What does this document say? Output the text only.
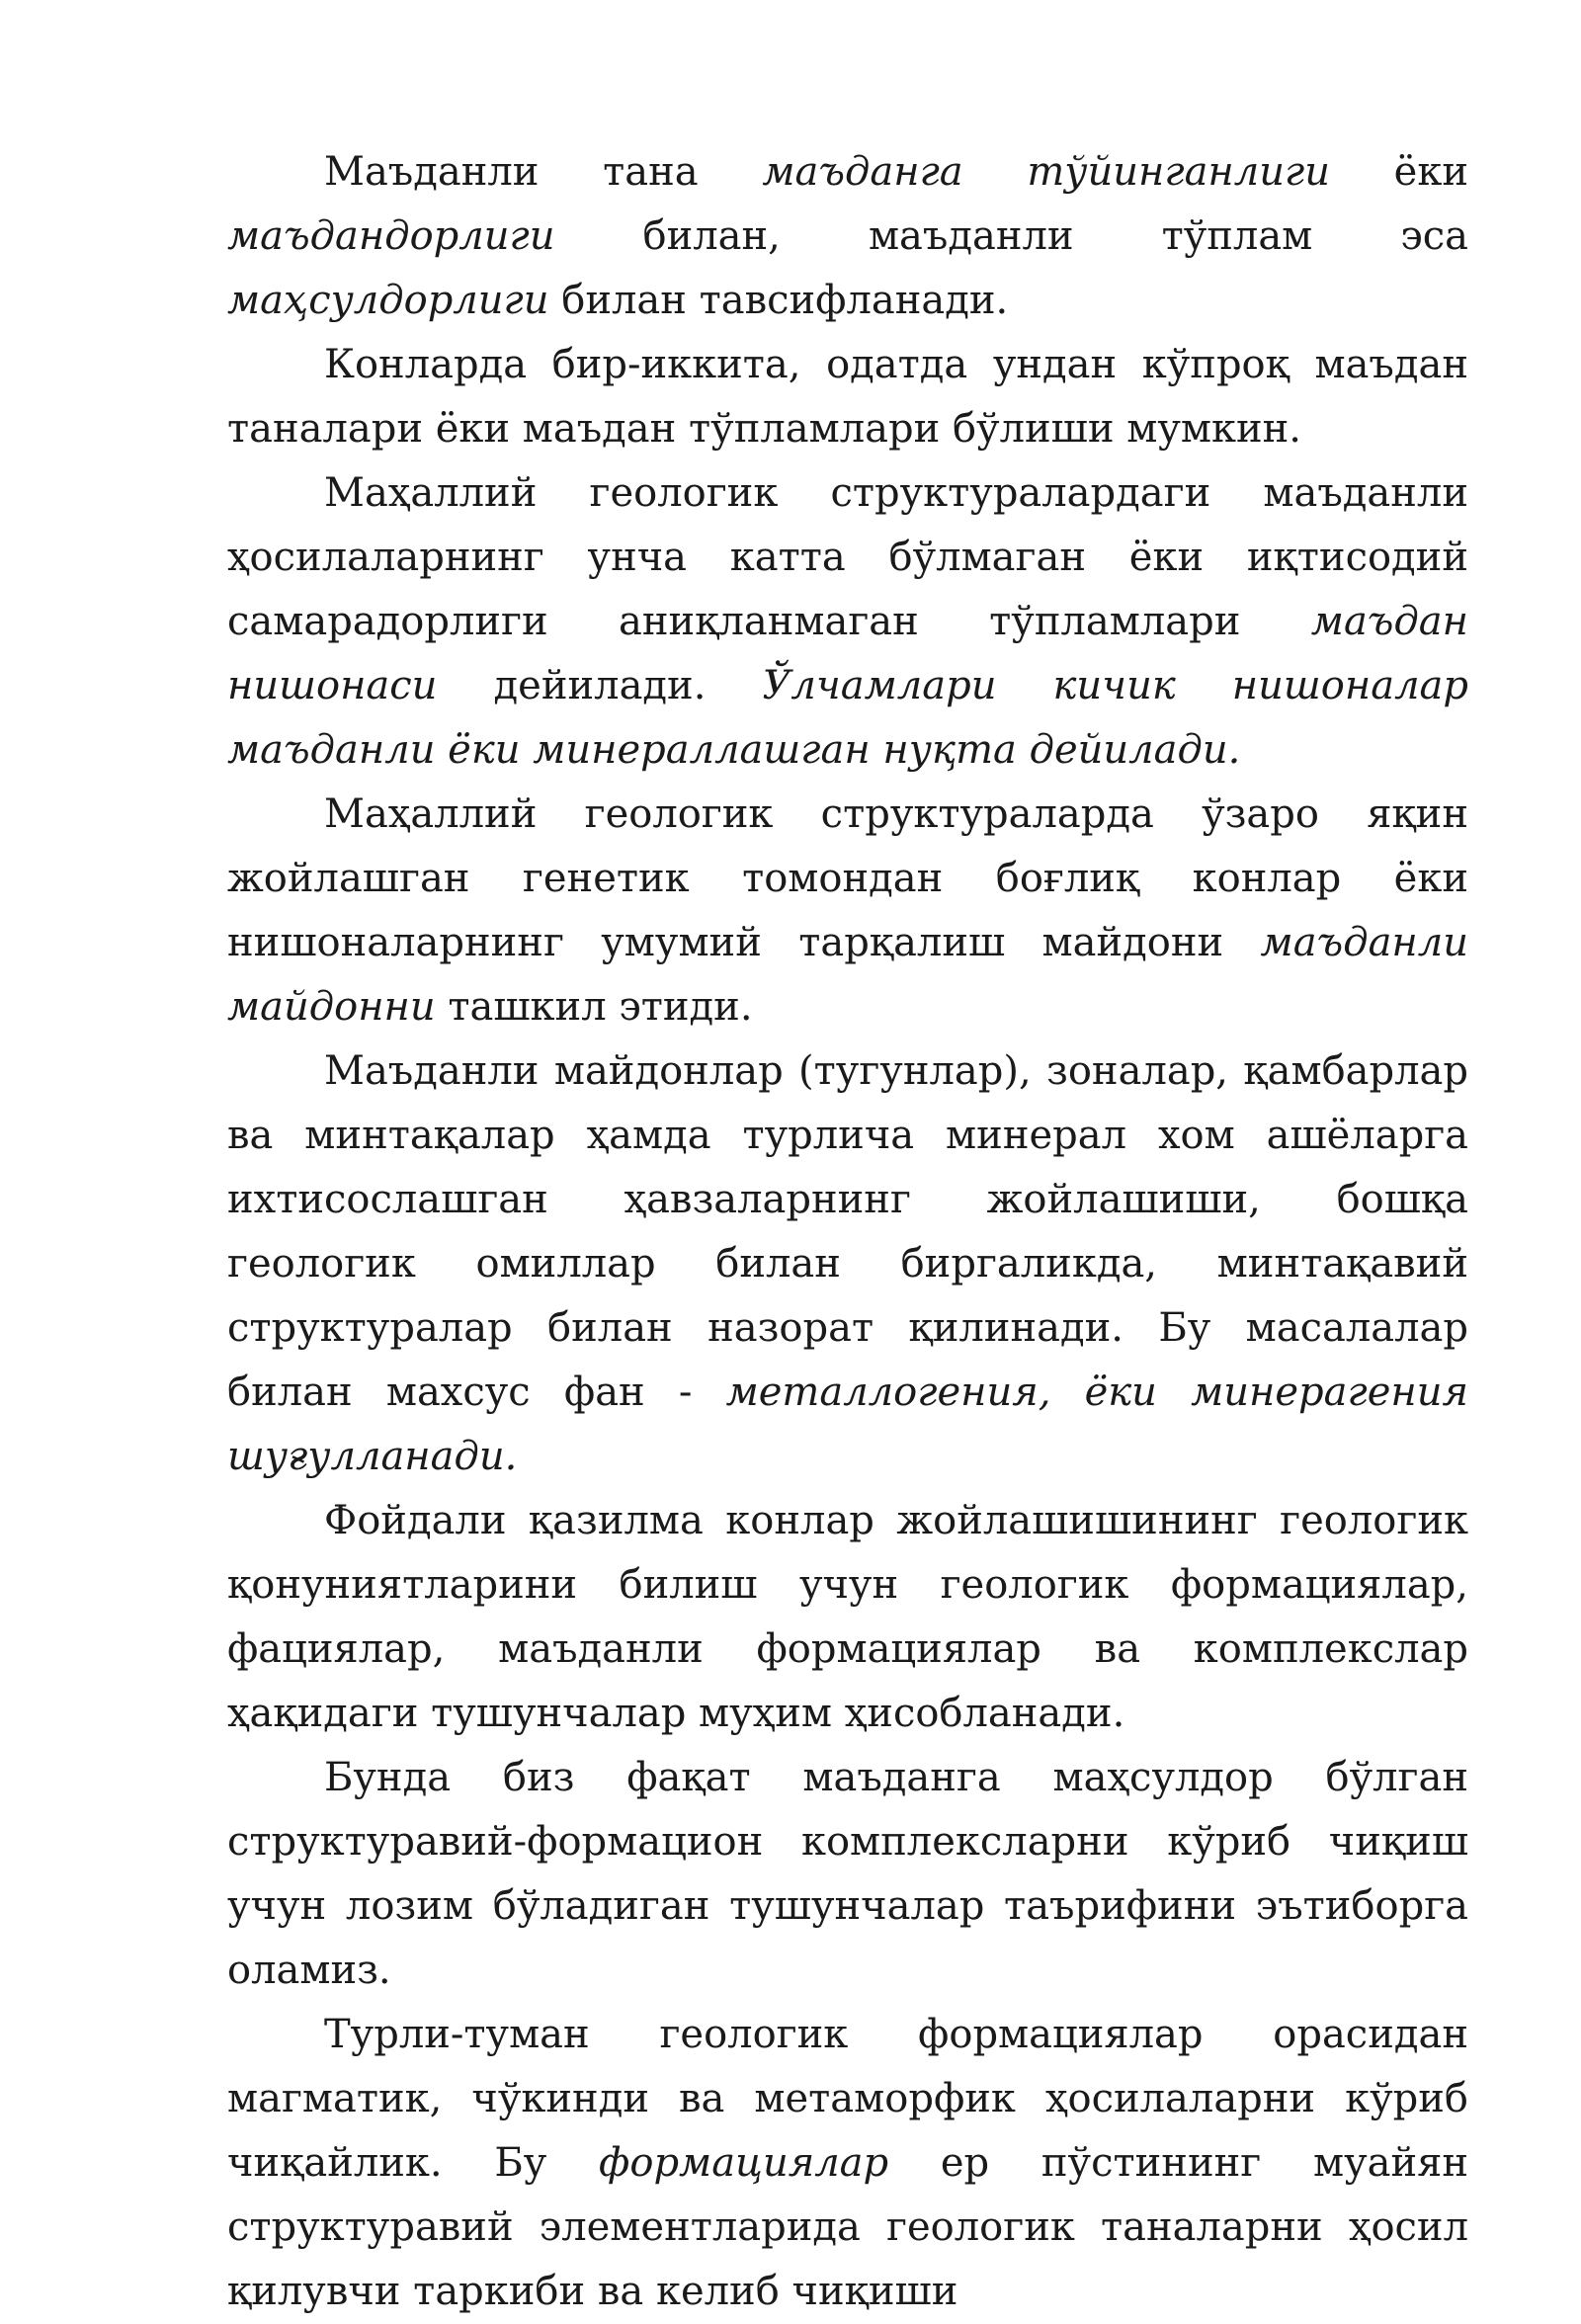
Маъданли тана маъданга тўйинганлиги ёки маъдандорлиги билан, маъданли тўплам эса маҳсулдорлиги билан тавсифланади.

Конларда бир-иккита, одатда ундан кўпроқ маъдан таналари ёки маъдан тўпламлари бўлиши мумкин.

Маҳаллий геологик структуралардаги маъданли ҳосилаларнинг унча катта бўлмаган ёки иқтисодий самарадорлиги аниқланмаган тўпламлари маъдан нишонаси дейилади. Ўлчамлари кичик нишоналар маъданли ёки минераллашган нуқта дейилади.

Маҳаллий геологик структураларда ўзаро яқин жойлашган генетик томондан боғлиқ конлар ёки нишоналарнинг умумий тарқалиш майдони маъданли майдонни ташкил этиди.

Маъданли майдонлар (тугунлар), зоналар, қамбарлар ва минтақалар ҳамда турлича минерал хом ашёларга ихтисослашган ҳавзаларнинг жойлашиши, бошқа геологик омиллар билан биргаликда, минтақавий структуралар билан назорат қилинади. Бу масалалар билан махсус фан - металлогения, ёки минерагения шуғулланади.

Фойдали қазилма конлар жойлашишининг геологик қонуниятларини билиш учун геологик формациялар, фациялар, маъданли формациялар ва комплекслар ҳақидаги тушунчалар муҳим ҳисобланади.

Бунда биз фақат маъданга маҳсулдор бўлган структуравий-формацион комплексларни кўриб чиқиш учун лозим бўладиган тушунчалар таърифини эътиборга оламиз.

Турли-туман геологик формациялар орасидан магматик, чўкинди ва метаморфик ҳосилаларни кўриб чиқайлик. Бу формациялар ер пўстининг муайян структуравий элементларида геологик таналарни ҳосил қилувчи таркиби ва келиб чиқиши
